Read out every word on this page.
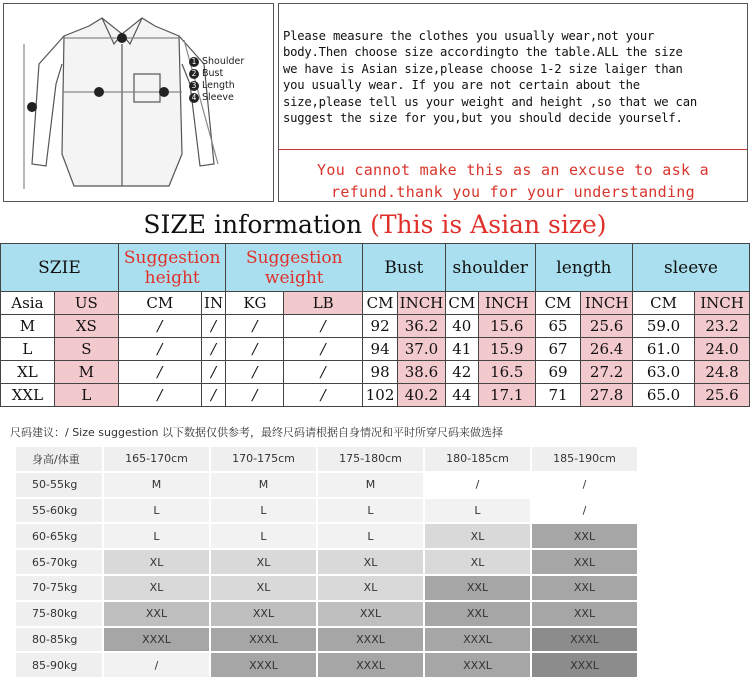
1 Shoulder
2 Bust
3 Length
4 Sleeve
Please measure the clothes you usually wear,not your
body.Then choose size accordingto the table.ALL the size
we have is Asian size,please choose 1-2 size laiger than
you usually wear. If you are not certain about the
size,please tell us your weight and height ,so that we can
suggest the size for you,but you should decide yourself.
You cannot make this as an excuse to ask a
refund.thank you for your understanding
SIZE information (This is Asian size)
SZIE		Suggestion height		Suggestion weight		Bust		shoulder		length		sleeve	
Asia	US	CM	IN	KG	LB	CM	INCH	CM	INCH	CM	INCH	CM	INCH
M	XS	/	/	/	/	92	36.2	40	15.6	65	25.6	59.0	23.2
L	S	/	/	/	/	94	37.0	41	15.9	67	26.4	61.0	24.0
XL	M	/	/	/	/	98	38.6	42	16.5	69	27.2	63.0	24.8
XXL	L	/	/	/	/	102	40.2	44	17.1	71	27.8	65.0	25.6
尺码建议：/ Size suggestion 以下数据仅供参考，最终尺码请根据自身情况和平时所穿尺码来做选择
身高/体重	165-170cm	170-175cm	175-180cm	180-185cm	185-190cm
50-55kg	M	M	M	/	/
55-60kg	L	L	L	L	/
60-65kg	L	L	L	XL	XXL
65-70kg	XL	XL	XL	XL	XXL
70-75kg	XL	XL	XL	XXL	XXL
75-80kg	XXL	XXL	XXL	XXL	XXL
80-85kg	XXXL	XXXL	XXXL	XXXL	XXXL
85-90kg	/	XXXL	XXXL	XXXL	XXXL
